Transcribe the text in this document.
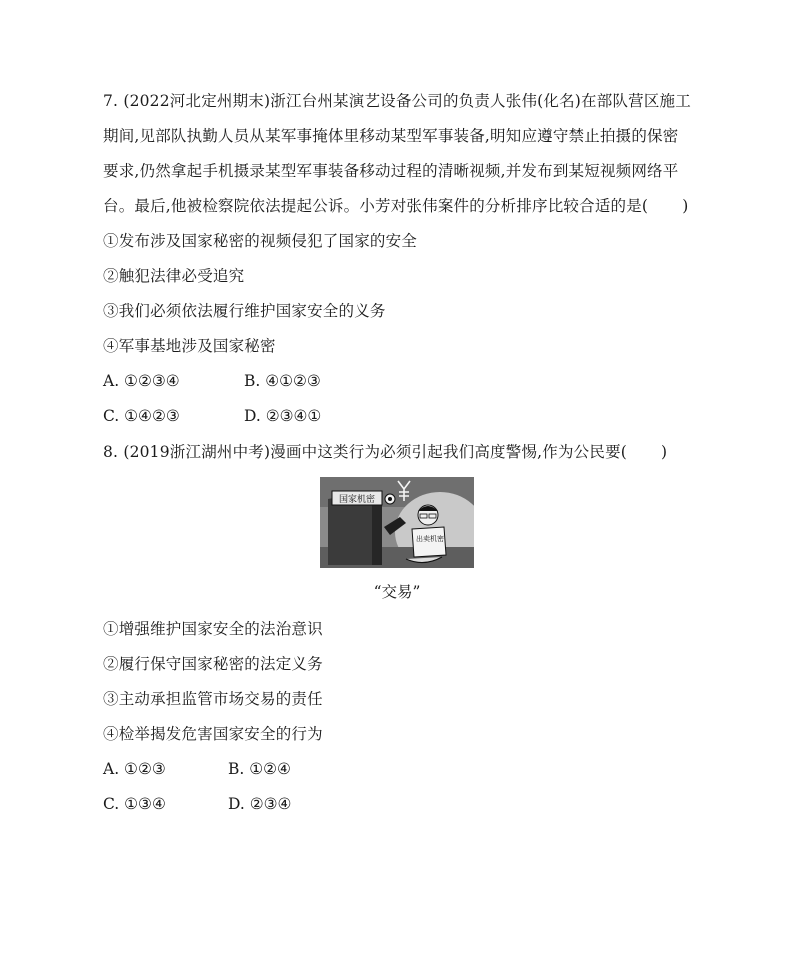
7. (2022河北定州期末)浙江台州某演艺设备公司的负责人张伟(化名)在部队营区施工
期间,见部队执勤人员从某军事掩体里移动某型军事装备,明知应遵守禁止拍摄的保密
要求,仍然拿起手机摄录某型军事装备移动过程的清晰视频,并发布到某短视频网络平
台。最后,他被检察院依法提起公诉。小芳对张伟案件的分析排序比较合适的是( )
①发布涉及国家秘密的视频侵犯了国家的安全
②触犯法律必受追究
③我们必须依法履行维护国家安全的义务
④军事基地涉及国家秘密
A. ①②③④	B. ④①②③
C. ①④②③	D. ②③④①
8. (2019浙江湖州中考)漫画中这类行为必须引起我们高度警惕,作为公民要( )
国家机密
出卖机密
“交易”
①增强维护国家安全的法治意识
②履行保守国家秘密的法定义务
③主动承担监管市场交易的责任
④检举揭发危害国家安全的行为
A. ①②③	B. ①②④
C. ①③④	D. ②③④
